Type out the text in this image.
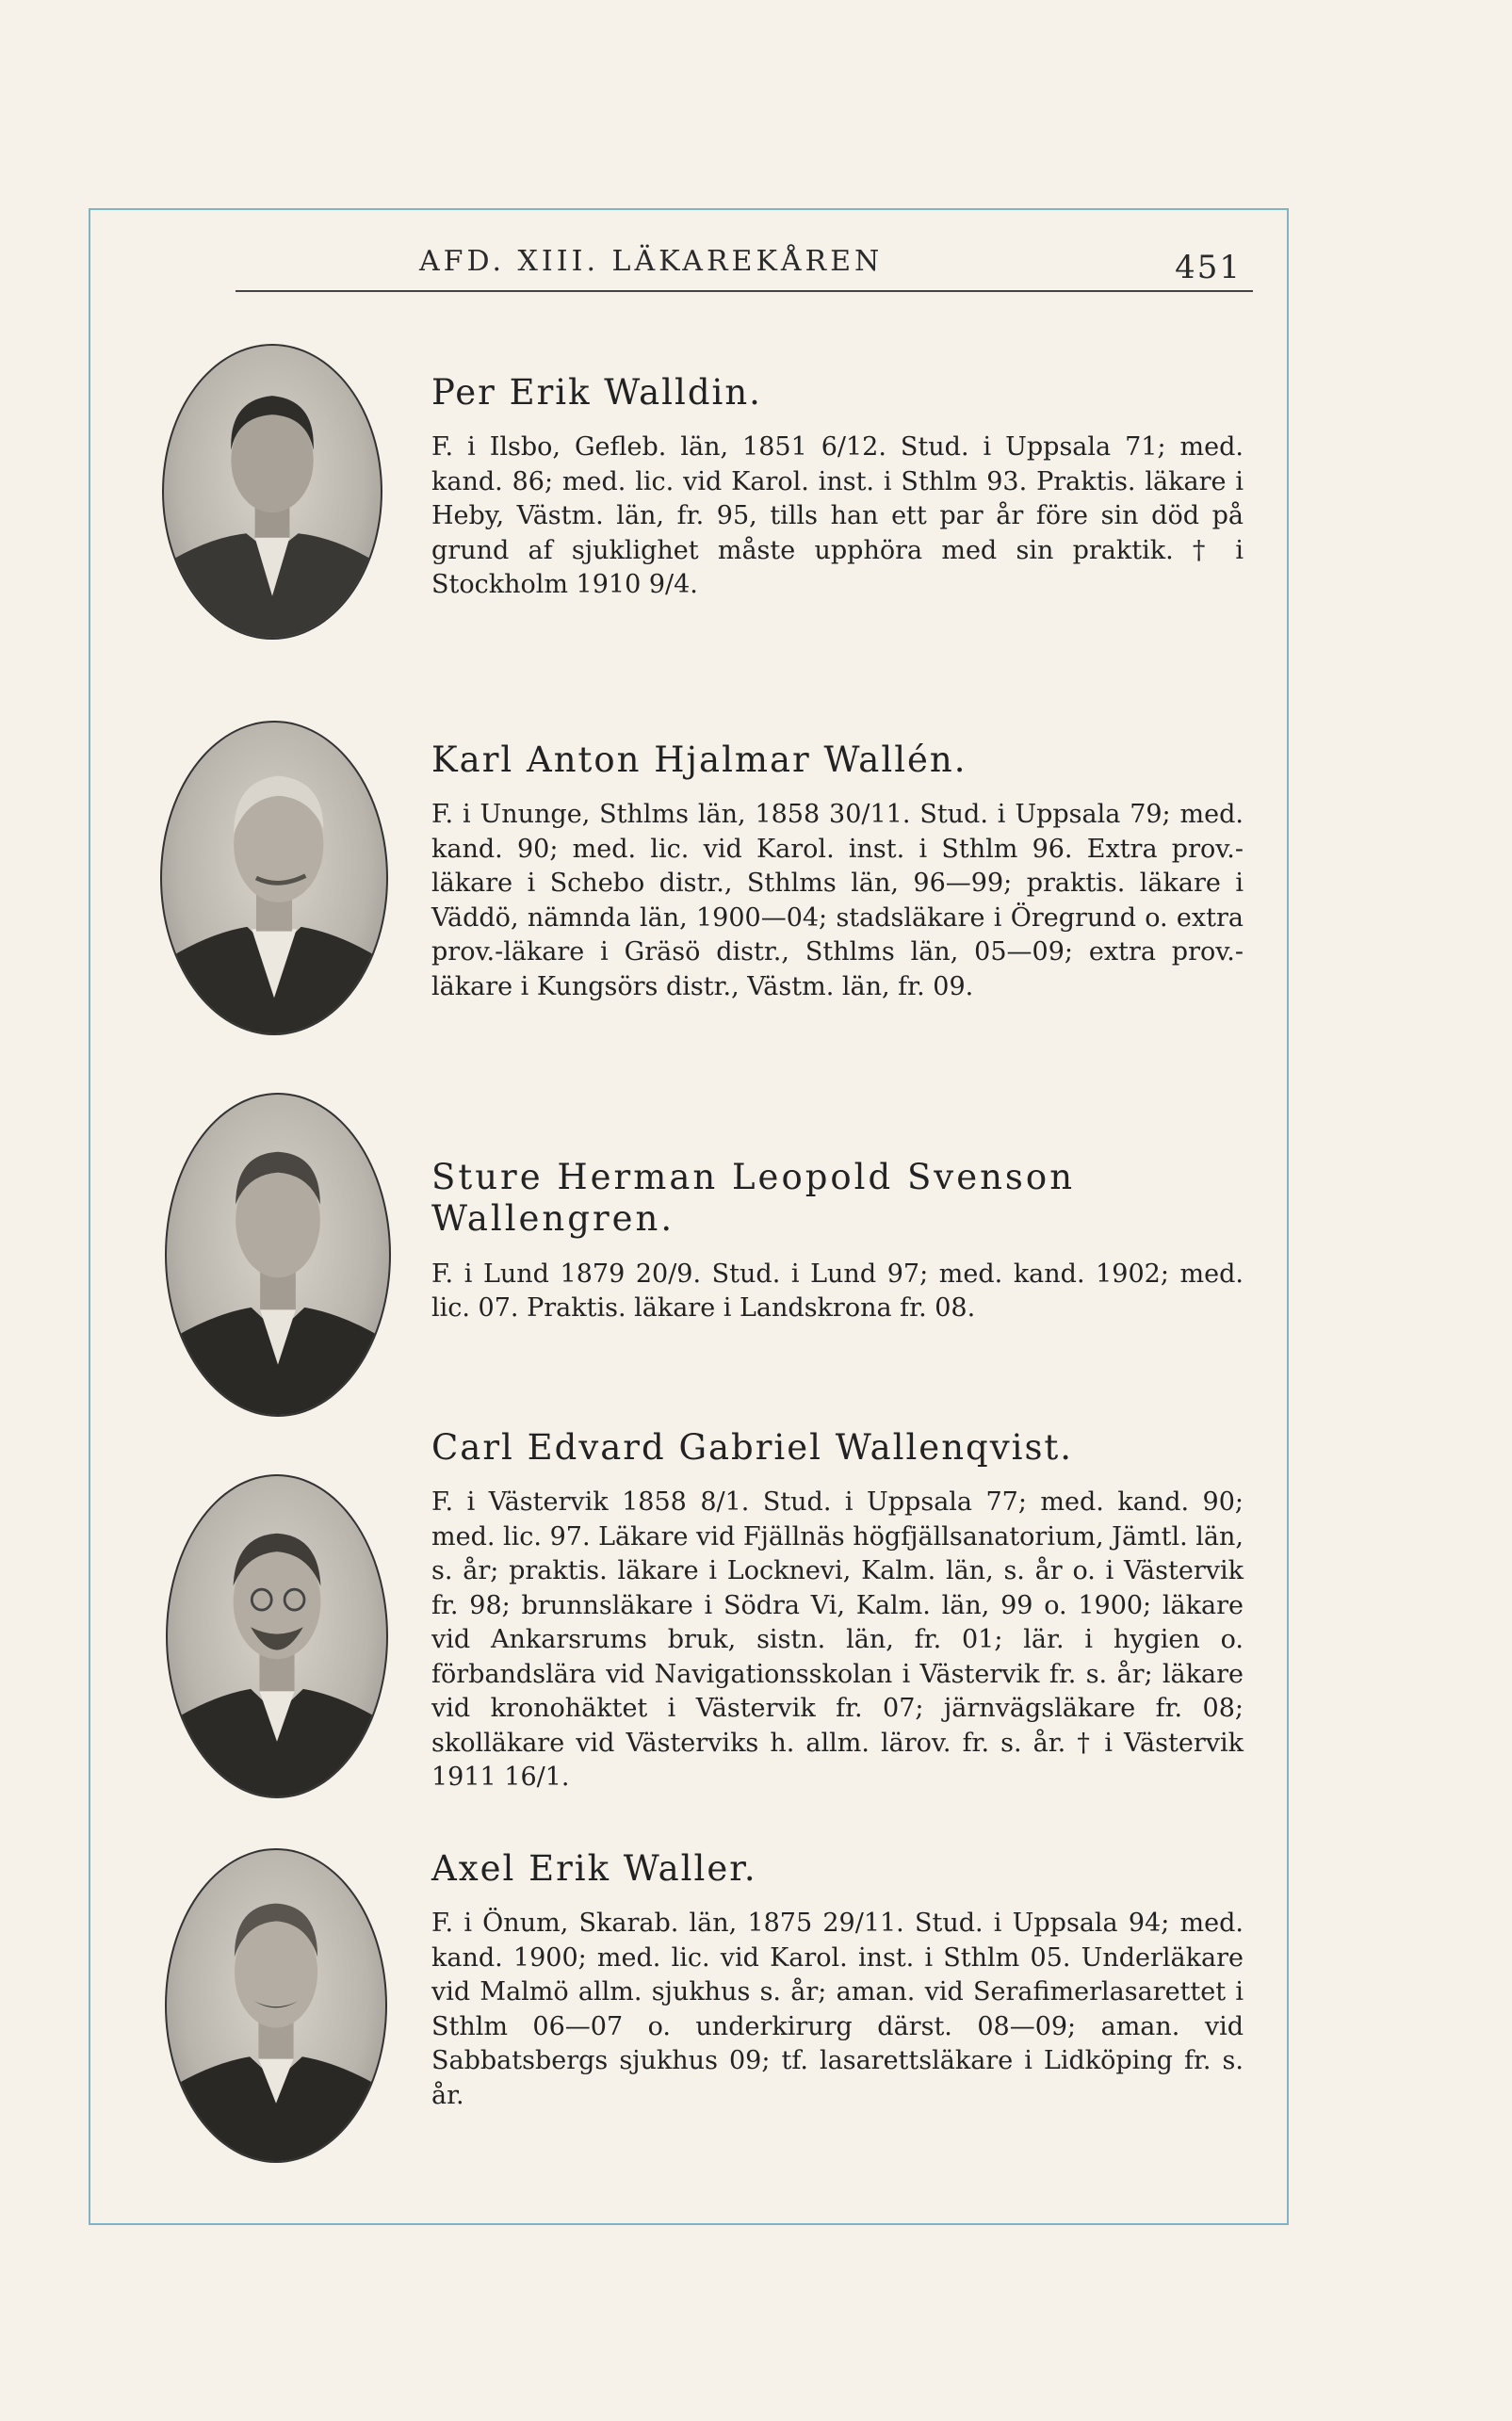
AFD. XIII. LÄKAREKÅREN	451
Per Erik Walldin.

F. i Ilsbo, Gefleb. län, 1851 6/12. Stud. i Uppsala 71; med. kand. 86; med. lic. vid Karol. inst. i Sthlm 93. Praktis. läkare i Heby, Västm. län, fr. 95, tills han ett par år före sin död på grund af sjuklighet måste upphöra med sin praktik. † i Stockholm 1910 9/4.

Karl Anton Hjalmar Wallén.

F. i Ununge, Sthlms län, 1858 30/11. Stud. i Uppsala 79; med. kand. 90; med. lic. vid Karol. inst. i Sthlm 96. Extra prov.-läkare i Schebo distr., Sthlms län, 96—99; praktis. läkare i Väddö, nämnda län, 1900—04; stadsläkare i Öregrund o. extra prov.-läkare i Gräsö distr., Sthlms län, 05—09; extra prov.-läkare i Kungsörs distr., Västm. län, fr. 09.

Sture Herman Leopold Svenson Wallengren.

F. i Lund 1879 20/9. Stud. i Lund 97; med. kand. 1902; med. lic. 07. Praktis. läkare i Landskrona fr. 08.

Carl Edvard Gabriel Wallenqvist.

F. i Västervik 1858 8/1. Stud. i Uppsala 77; med. kand. 90; med. lic. 97. Läkare vid Fjällnäs högfjällsanatorium, Jämtl. län, s. år; praktis. läkare i Locknevi, Kalm. län, s. år o. i Västervik fr. 98; brunnsläkare i Södra Vi, Kalm. län, 99 o. 1900; läkare vid Ankarsrums bruk, sistn. län, fr. 01; lär. i hygien o. förbandslära vid Navigationsskolan i Västervik fr. s. år; läkare vid kronohäktet i Västervik fr. 07; järnvägsläkare fr. 08; skolläkare vid Västerviks h. allm. lärov. fr. s. år. † i Västervik 1911 16/1.

Axel Erik Waller.

F. i Önum, Skarab. län, 1875 29/11. Stud. i Uppsala 94; med. kand. 1900; med. lic. vid Karol. inst. i Sthlm 05. Underläkare vid Malmö allm. sjukhus s. år; aman. vid Serafimerlasarettet i Sthlm 06—07 o. underkirurg därst. 08—09; aman. vid Sabbatsbergs sjukhus 09; tf. lasarettsläkare i Lidköping fr. s. år.
